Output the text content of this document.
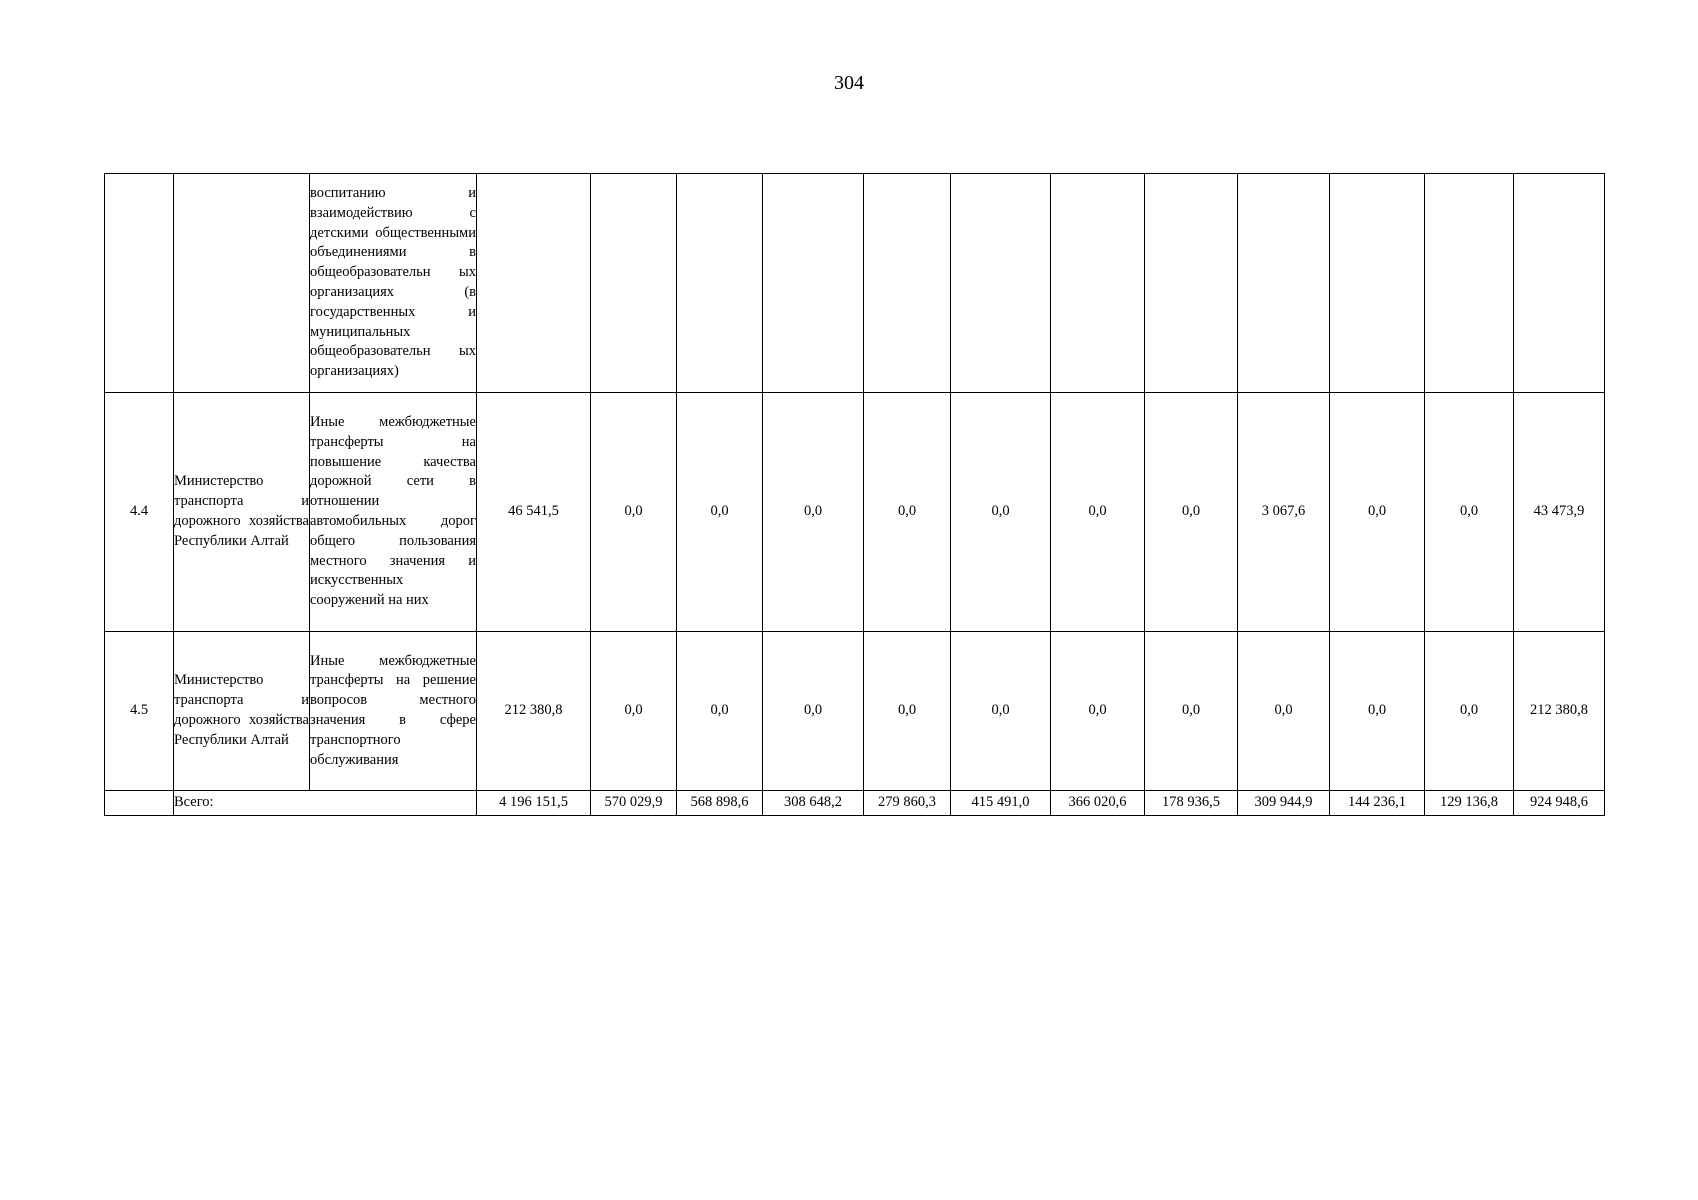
304
		воспитанию и взаимодействию с детскими общественными объединениями в общеобразовательн ых организациях (в государственных и муниципальных общеобразовательн ых организациях)												
4.4	Министерство транспорта и дорожного хозяйства Республики Алтай	Иные межбюджетные трансферты на повышение качества дорожной сети в отношении автомобильных дорог общего пользования местного значения и искусственных сооружений на них	46 541,5	0,0	0,0	0,0	0,0	0,0	0,0	0,0	3 067,6	0,0	0,0	43 473,9
4.5	Министерство транспорта и дорожного хозяйства Республики Алтай	Иные межбюджетные трансферты на решение вопросов местного значения в сфере транспортного обслуживания	212 380,8	0,0	0,0	0,0	0,0	0,0	0,0	0,0	0,0	0,0	0,0	212 380,8
	Всего:		4 196 151,5	570 029,9	568 898,6	308 648,2	279 860,3	415 491,0	366 020,6	178 936,5	309 944,9	144 236,1	129 136,8	924 948,6
